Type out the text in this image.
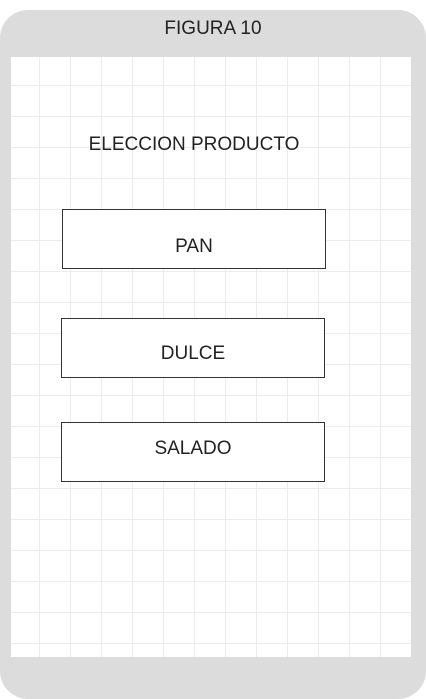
FIGURA 10
ELECCION PRODUCTO
PAN
DULCE
SALADO
